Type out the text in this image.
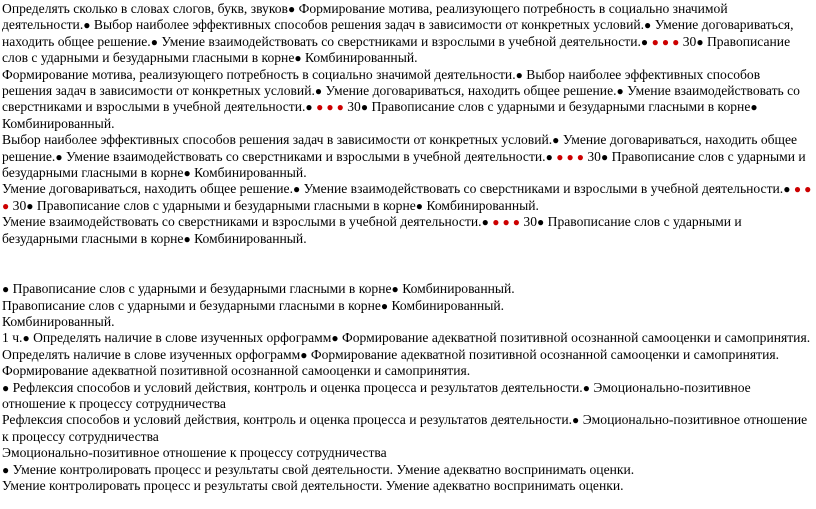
Определять сколько в словах слогов, букв, звуков● Формирование мотива, реализующего потребность в социально значимой деятельности.● Выбор наиболее эффективных способов решения задач в зависимости от конкретных условий.● Умение договариваться, находить общее решение.● Умение взаимодействовать со сверстниками и взрослыми в учебной деятельности.● ● ● ● 30● Правописание слов с ударными и безударными гласными в корне● Комбинированный.

Формирование мотива, реализующего потребность в социально значимой деятельности.● Выбор наиболее эффективных способов решения задач в зависимости от конкретных условий.● Умение договариваться, находить общее решение.● Умение взаимодействовать со сверстниками и взрослыми в учебной деятельности.● ● ● ● 30● Правописание слов с ударными и безударными гласными в корне● Комбинированный.

Выбор наиболее эффективных способов решения задач в зависимости от конкретных условий.● Умение договариваться, находить общее решение.● Умение взаимодействовать со сверстниками и взрослыми в учебной деятельности.● ● ● ● 30● Правописание слов с ударными и безударными гласными в корне● Комбинированный.

Умение договариваться, находить общее решение.● Умение взаимодействовать со сверстниками и взрослыми в учебной деятельности.● ● ● ● 30● Правописание слов с ударными и безударными гласными в корне● Комбинированный.

Умение взаимодействовать со сверстниками и взрослыми в учебной деятельности.● ● ● ● 30● Правописание слов с ударными и безударными гласными в корне● Комбинированный.

● Правописание слов с ударными и безударными гласными в корне● Комбинированный.

Правописание слов с ударными и безударными гласными в корне● Комбинированный.

Комбинированный.

1 ч.● Определять наличие в слове изученных орфограмм● Формирование адекватной позитивной осознанной самооценки и самопринятия.

Определять наличие в слове изученных орфограмм● Формирование адекватной позитивной осознанной самооценки и самопринятия.

Формирование адекватной позитивной осознанной самооценки и самопринятия.

● Рефлексия способов и условий действия, контроль и оценка процесса и результатов деятельности.● Эмоционально-позитивное отношение к процессу сотрудничества

Рефлексия способов и условий действия, контроль и оценка процесса и результатов деятельности.● Эмоционально-позитивное отношение к процессу сотрудничества

Эмоционально-позитивное отношение к процессу сотрудничества

● Умение контролировать процесс и результаты свой деятельности. Умение адекватно воспринимать оценки.

Умение контролировать процесс и результаты свой деятельности. Умение адекватно воспринимать оценки.
